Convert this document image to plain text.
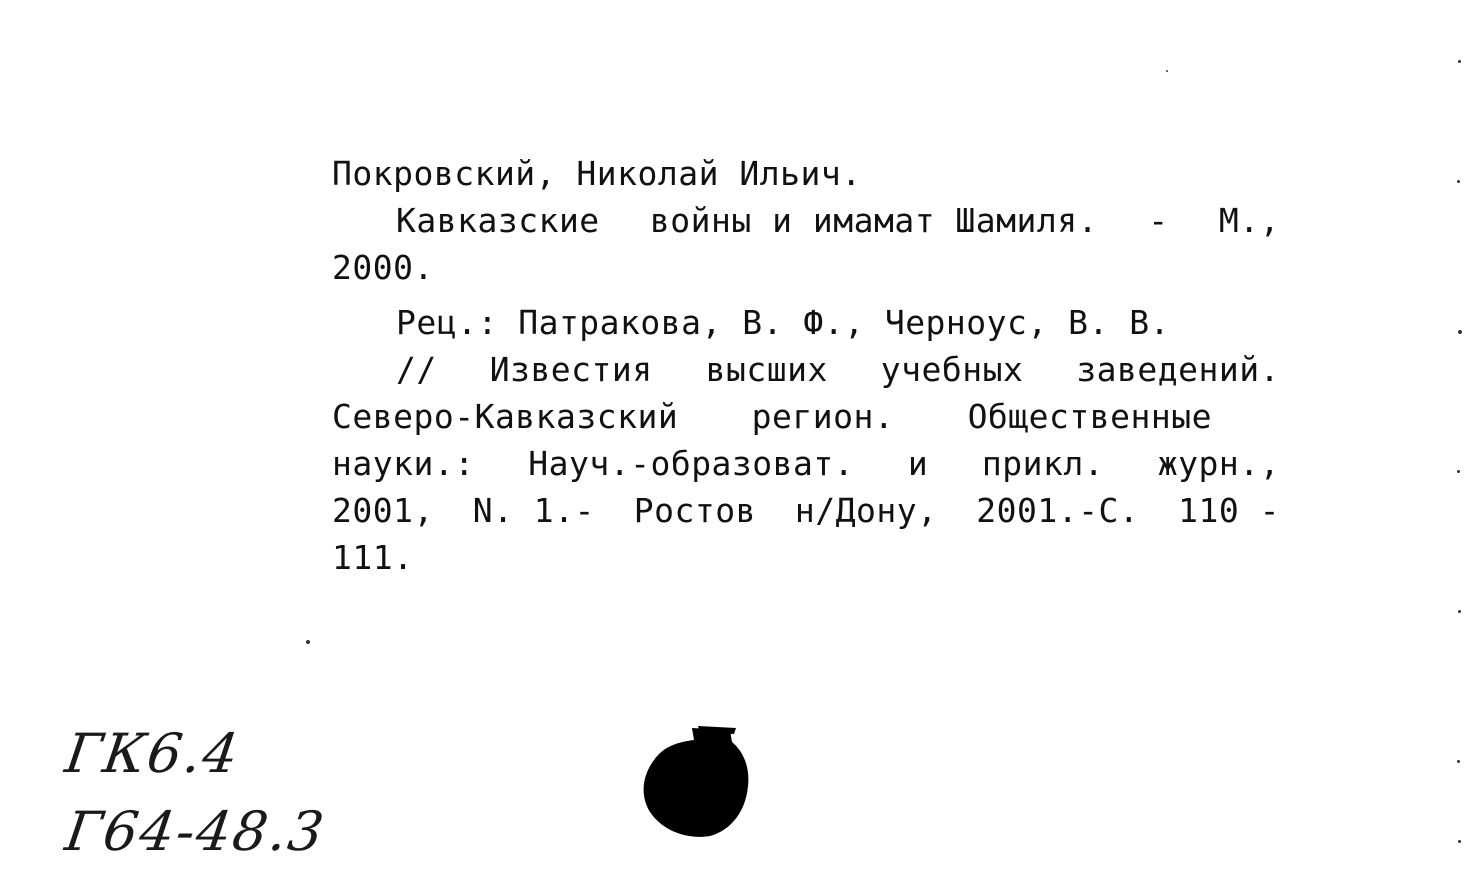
Покровский, Николай Ильич.
Кавказские войны и имамат Шамиля. - М.,
2000.
Рец.: Патракова, В. Ф., Черноус, В. В.
// Известия высших учебных заведений.
Северо-Кавказский регион. Общественные
науки.: Науч.-образоват. и прикл. журн.,
2001, N. 1.- Ростов н/Дону, 2001.-С. 110 -
111.
ГК6.4
Г64-48.3
